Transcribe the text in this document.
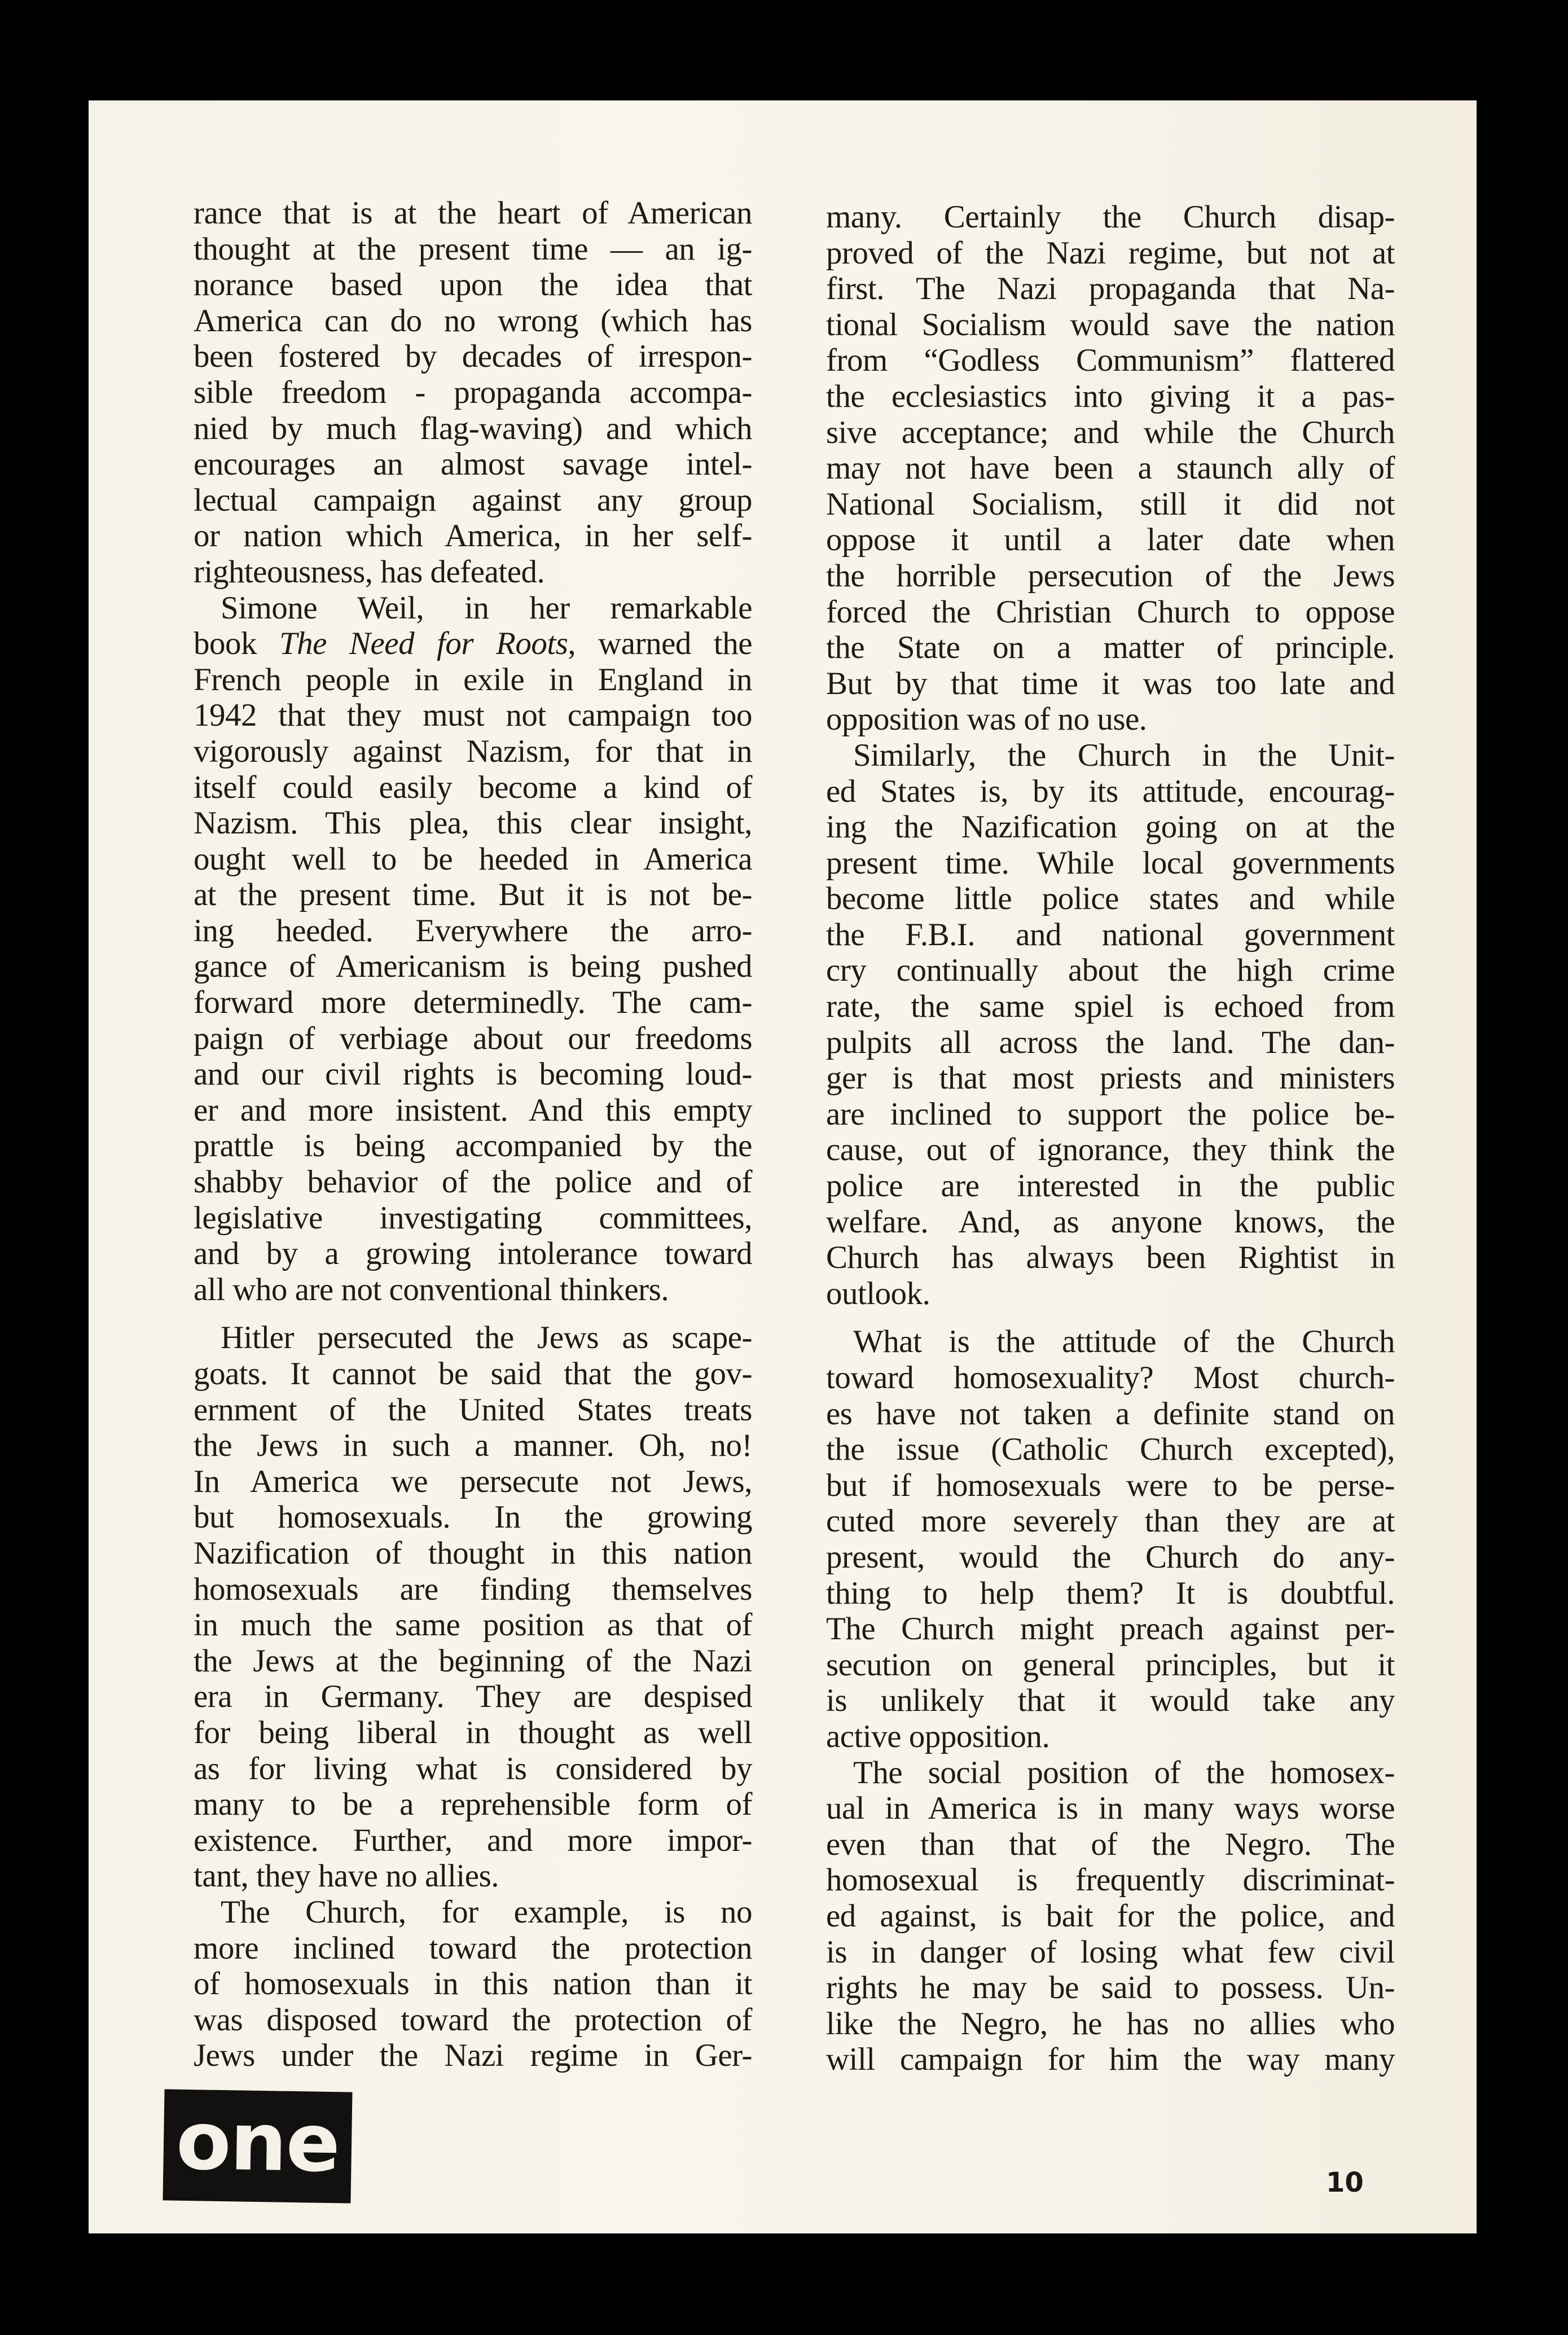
rance that is at the heart of American
thought at the present time — an ig-
norance based upon the idea that
America can do no wrong (which has
been fostered by decades of irrespon-
sible freedom - propaganda accompa-
nied by much flag-waving) and which
encourages an almost savage intel-
lectual campaign against any group
or nation which America, in her self-
righteousness, has defeated.
Simone Weil, in her remarkable
book The Need for Roots, warned the
French people in exile in England in
1942 that they must not campaign too
vigorously against Nazism, for that in
itself could easily become a kind of
Nazism. This plea, this clear insight,
ought well to be heeded in America
at the present time. But it is not be-
ing heeded. Everywhere the arro-
gance of Americanism is being pushed
forward more determinedly. The cam-
paign of verbiage about our freedoms
and our civil rights is becoming loud-
er and more insistent. And this empty
prattle is being accompanied by the
shabby behavior of the police and of
legislative investigating committees,
and by a growing intolerance toward
all who are not conventional thinkers.
Hitler persecuted the Jews as scape-
goats. It cannot be said that the gov-
ernment of the United States treats
the Jews in such a manner. Oh, no!
In America we persecute not Jews,
but homosexuals. In the growing
Nazification of thought in this nation
homosexuals are finding themselves
in much the same position as that of
the Jews at the beginning of the Nazi
era in Germany. They are despised
for being liberal in thought as well
as for living what is considered by
many to be a reprehensible form of
existence. Further, and more impor-
tant, they have no allies.
The Church, for example, is no
more inclined toward the protection
of homosexuals in this nation than it
was disposed toward the protection of
Jews under the Nazi regime in Ger-
many. Certainly the Church disap-
proved of the Nazi regime, but not at
first. The Nazi propaganda that Na-
tional Socialism would save the nation
from “Godless Communism” flattered
the ecclesiastics into giving it a pas-
sive acceptance; and while the Church
may not have been a staunch ally of
National Socialism, still it did not
oppose it until a later date when
the horrible persecution of the Jews
forced the Christian Church to oppose
the State on a matter of principle.
But by that time it was too late and
opposition was of no use.
Similarly, the Church in the Unit-
ed States is, by its attitude, encourag-
ing the Nazification going on at the
present time. While local governments
become little police states and while
the F.B.I. and national government
cry continually about the high crime
rate, the same spiel is echoed from
pulpits all across the land. The dan-
ger is that most priests and ministers
are inclined to support the police be-
cause, out of ignorance, they think the
police are interested in the public
welfare. And, as anyone knows, the
Church has always been Rightist in
outlook.
What is the attitude of the Church
toward homosexuality? Most church-
es have not taken a definite stand on
the issue (Catholic Church excepted),
but if homosexuals were to be perse-
cuted more severely than they are at
present, would the Church do any-
thing to help them? It is doubtful.
The Church might preach against per-
secution on general principles, but it
is unlikely that it would take any
active opposition.
The social position of the homosex-
ual in America is in many ways worse
even than that of the Negro. The
homosexual is frequently discriminat-
ed against, is bait for the police, and
is in danger of losing what few civil
rights he may be said to possess. Un-
like the Negro, he has no allies who
will campaign for him the way many
one	10
